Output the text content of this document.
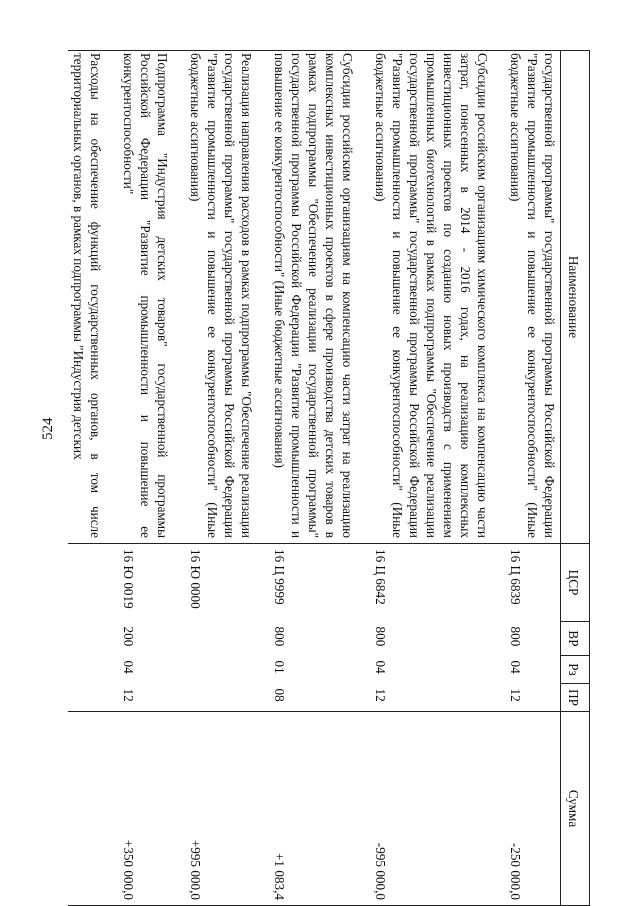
524
Наименование	ЦСР	ВР	Рз	ПР	Сумма
государственной программы" государственной программы Российской Федерации "Развитие промышленности и повышение ее конкурентоспособности" (Иные бюджетные ассигнования)	16 Ц 6839	800	04	12	-250 000,0

Субсидии российским организациям химического комплекса на компенсацию части затрат, понесенных в 2014 - 2016 годах, на реализацию комплексных инвестиционных проектов по созданию новых производств с применением промышленных биотехнологий в рамках подпрограммы "Обеспечение реализации государственной программы" государственной программы Российской Федерации "Развитие промышленности и повышение ее конкурентоспособности" (Иные бюджетные ассигнования)	16 Ц 6842	800	04	12	-995 000,0

Субсидии российским организациям на компенсацию части затрат на реализацию комплексных инвестиционных проектов в сфере производства детских товаров в рамках подпрограммы "Обеспечение реализации государственной программы" государственной программы Российской Федерации "Развитие промышленности и повышение ее конкурентоспособности" (Иные бюджетные ассигнования)	16 Ц 9999	800	01	08	+1 083,4

Реализация направления расходов в рамках подпрограммы "Обеспечение реализации государственной программы" государственной программы Российской Федерации "Развитие промышленности и повышение ее конкурентоспособности" (Иные бюджетные ассигнования)	16 Ю 0000				+995 000,0

Подпрограмма "Индустрия детских товаров" государственной программы Российской Федерации "Развитие промышленности и повышение ее конкурентоспособности"	16 Ю 0019	200	04	12	+350 000,0

Расходы на обеспечение функций государственных органов, в том числе территориальных органов, в рамках подпрограммы "Индустрия детских					
